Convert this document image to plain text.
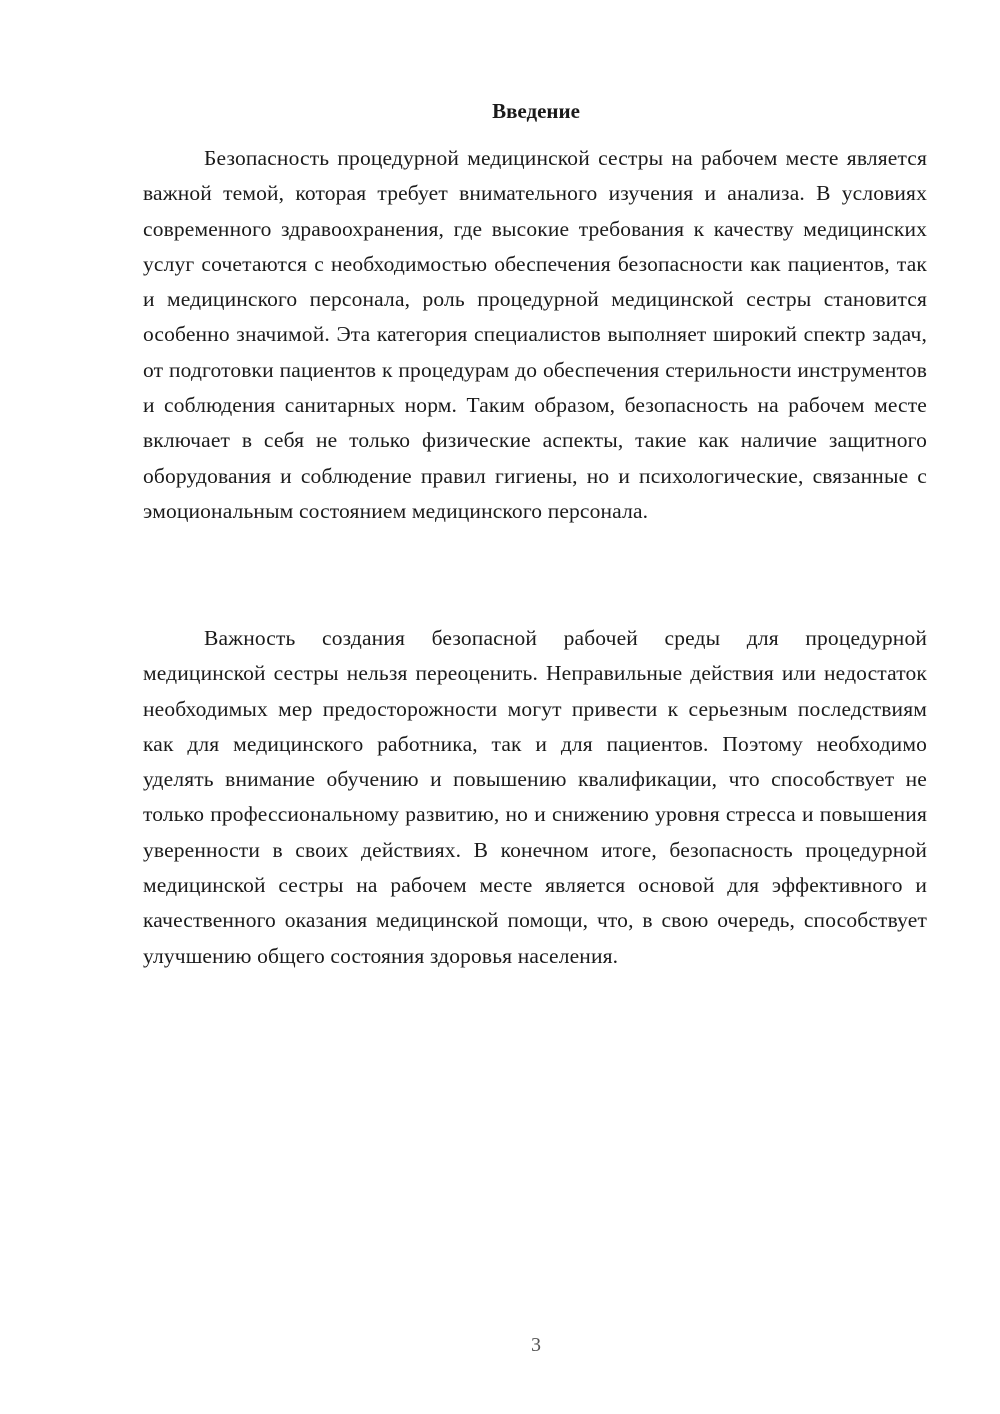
Введение

Безопасность процедурной медицинской сестры на рабочем месте является важной темой, которая требует внимательного изучения и анализа. В условиях современного здравоохранения, где высокие требования к качеству медицинских услуг сочетаются с необходимостью обеспечения безопасности как пациентов, так и медицинского персонала, роль процедурной медицинской сестры становится особенно значимой. Эта категория специалистов выполняет широкий спектр задач, от подготовки пациентов к процедурам до обеспечения стерильности инструментов и соблюдения санитарных норм. Таким образом, безопасность на рабочем месте включает в себя не только физические аспекты, такие как наличие защитного оборудования и соблюдение правил гигиены, но и психологические, связанные с эмоциональным состоянием медицинского персонала.

Важность создания безопасной рабочей среды для процедурной медицинской сестры нельзя переоценить. Неправильные действия или недостаток необходимых мер предосторожности могут привести к серьезным последствиям как для медицинского работника, так и для пациентов. Поэтому необходимо уделять внимание обучению и повышению квалификации, что способствует не только профессиональному развитию, но и снижению уровня стресса и повышения уверенности в своих действиях. В конечном итоге, безопасность процедурной медицинской сестры на рабочем месте является основой для эффективного и качественного оказания медицинской помощи, что, в свою очередь, способствует улучшению общего состояния здоровья населения.

3
